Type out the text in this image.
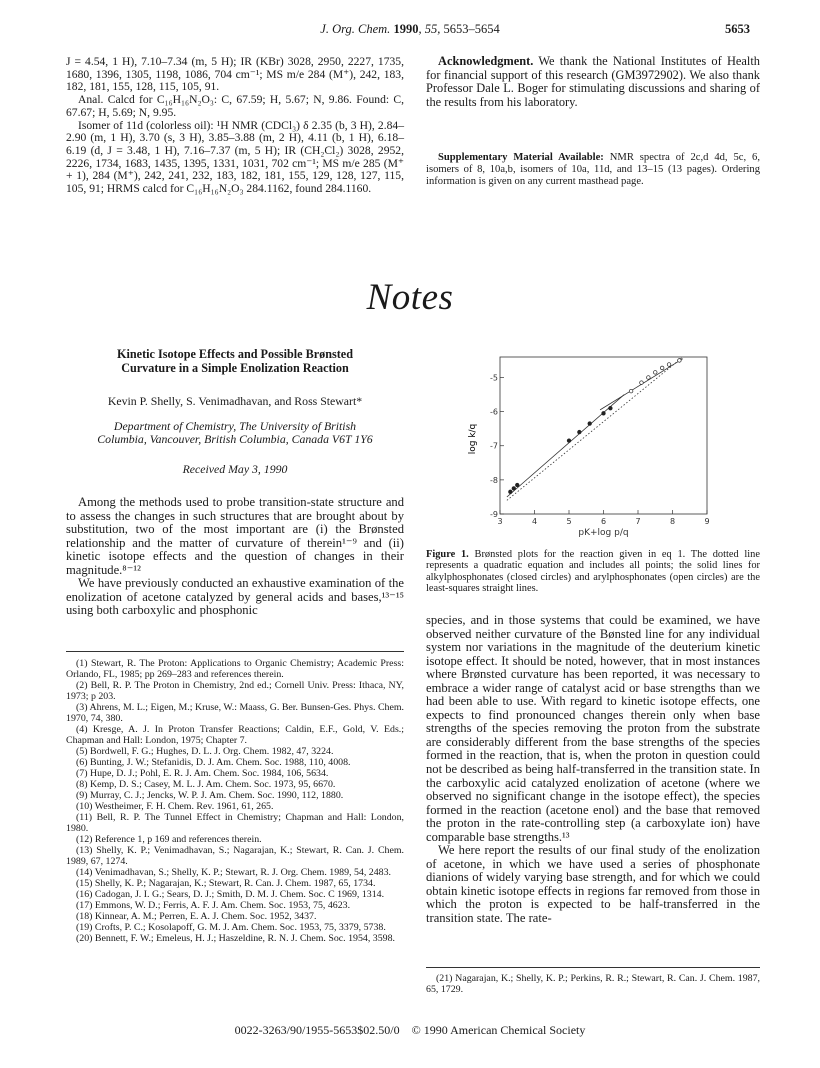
J. Org. Chem. 1990, 55, 5653–5654	5653

J = 4.54, 1 H), 7.10–7.34 (m, 5 H); IR (KBr) 3028, 2950, 2227, 1735, 1680, 1396, 1305, 1198, 1086, 704 cm⁻¹; MS m/e 284 (M⁺), 242, 183, 182, 181, 155, 128, 115, 105, 91.

Anal. Calcd for C₁₆H₁₆N₂O₃: C, 67.59; H, 5.67; N, 9.86. Found: C, 67.67; H, 5.69; N, 9.95.

Isomer of 11d (colorless oil): ¹H NMR (CDCl₃) δ 2.35 (b, 3 H), 2.84–2.90 (m, 1 H), 3.70 (s, 3 H), 3.85–3.88 (m, 2 H), 4.11 (b, 1 H), 6.18–6.19 (d, J = 3.48, 1 H), 7.16–7.37 (m, 5 H); IR (CH₂Cl₂) 3028, 2952, 2226, 1734, 1683, 1435, 1395, 1331, 1031, 702 cm⁻¹; MS m/e 285 (M⁺ + 1), 284 (M⁺), 242, 241, 232, 183, 182, 181, 155, 129, 128, 127, 115, 105, 91; HRMS calcd for C₁₆H₁₆N₂O₃ 284.1162, found 284.1160.

Acknowledgment. We thank the National Institutes of Health for financial support of this research (GM3972902). We also thank Professor Dale L. Boger for stimulating discussions and sharing of the results from his laboratory.

Supplementary Material Available: NMR spectra of 2c,d 4d, 5c, 6, isomers of 8, 10a,b, isomers of 10a, 11d, and 13–15 (13 pages). Ordering information is given on any current masthead page.

Notes
Kinetic Isotope Effects and Possible Brønsted
Curvature in a Simple Enolization Reaction
Kevin P. Shelly, S. Venimadhavan, and Ross Stewart*
Department of Chemistry, The University of British
Columbia, Vancouver, British Columbia, Canada V6T 1Y6
Received May 3, 1990

Among the methods used to probe transition-state structure and to assess the changes in such structures that are brought about by substitution, two of the most important are (i) the Brønsted relationship and the matter of curvature of therein¹⁻⁹ and (ii) kinetic isotope effects and the question of changes in their magnitude.⁸⁻¹²

We have previously conducted an exhaustive examination of the enolization of acetone catalyzed by general acids and bases,¹³⁻¹⁵ using both carboxylic and phosphonic

(1) Stewart, R. The Proton: Applications to Organic Chemistry; Academic Press: Orlando, FL, 1985; pp 269–283 and references therein.

(2) Bell, R. P. The Proton in Chemistry, 2nd ed.; Cornell Univ. Press: Ithaca, NY, 1973; p 203.

(3) Ahrens, M. L.; Eigen, M.; Kruse, W.: Maass, G. Ber. Bunsen-Ges. Phys. Chem. 1970, 74, 380.

(4) Kresge, A. J. In Proton Transfer Reactions; Caldin, E.F., Gold, V. Eds.; Chapman and Hall: London, 1975; Chapter 7.

(5) Bordwell, F. G.; Hughes, D. L. J. Org. Chem. 1982, 47, 3224.

(6) Bunting, J. W.; Stefanidis, D. J. Am. Chem. Soc. 1988, 110, 4008.

(7) Hupe, D. J.; Pohl, E. R. J. Am. Chem. Soc. 1984, 106, 5634.

(8) Kemp, D. S.; Casey, M. L. J. Am. Chem. Soc. 1973, 95, 6670.

(9) Murray, C. J.; Jencks, W. P. J. Am. Chem. Soc. 1990, 112, 1880.

(10) Westheimer, F. H. Chem. Rev. 1961, 61, 265.

(11) Bell, R. P. The Tunnel Effect in Chemistry; Chapman and Hall: London, 1980.

(12) Reference 1, p 169 and references therein.

(13) Shelly, K. P.; Venimadhavan, S.; Nagarajan, K.; Stewart, R. Can. J. Chem. 1989, 67, 1274.

(14) Venimadhavan, S.; Shelly, K. P.; Stewart, R. J. Org. Chem. 1989, 54, 2483.

(15) Shelly, K. P.; Nagarajan, K.; Stewart, R. Can. J. Chem. 1987, 65, 1734.

(16) Cadogan, J. I. G.; Sears, D. J.; Smith, D. M. J. Chem. Soc. C 1969, 1314.

(17) Emmons, W. D.; Ferris, A. F. J. Am. Chem. Soc. 1953, 75, 4623.

(18) Kinnear, A. M.; Perren, E. A. J. Chem. Soc. 1952, 3437.

(19) Crofts, P. C.; Kosolapoff, G. M. J. Am. Chem. Soc. 1953, 75, 3379, 5738.

(20) Bennett, F. W.; Emeleus, H. J.; Haszeldine, R. N. J. Chem. Soc. 1954, 3598.

3	4	5	6	7	8	9
-5
-6
-7
-8
-9
log k/q
pK+log p/q

Figure 1. Brønsted plots for the reaction given in eq 1. The dotted line represents a quadratic equation and includes all points; the solid lines for alkylphosphonates (closed circles) and arylphosphonates (open circles) are the least-squares straight lines.

species, and in those systems that could be examined, we have observed neither curvature of the Bønsted line for any individual system nor variations in the magnitude of the deuterium kinetic isotope effect. It should be noted, however, that in most instances where Brønsted curvature has been reported, it was necessary to embrace a wider range of catalyst acid or base strengths than we had been able to use. With regard to kinetic isotope effects, one expects to find pronounced changes therein only when base strengths of the species removing the proton from the substrate are considerably different from the base strengths of the species formed in the reaction, that is, when the proton in question could not be described as being half-transferred in the transition state. In the carboxylic acid catalyzed enolization of acetone (where we observed no significant change in the isotope effect), the species formed in the reaction (acetone enol) and the base that removed the proton in the rate-controlling step (a carboxylate ion) have comparable base strengths.¹³

We here report the results of our final study of the enolization of acetone, in which we have used a series of phosphonate dianions of widely varying base strength, and for which we could obtain kinetic isotope effects in regions far removed from those in which the proton is expected to be half-transferred in the transition state. The rate-

(21) Nagarajan, K.; Shelly, K. P.; Perkins, R. R.; Stewart, R. Can. J. Chem. 1987, 65, 1729.

0022-3263/90/1955-5653$02.50/0 © 1990 American Chemical Society
